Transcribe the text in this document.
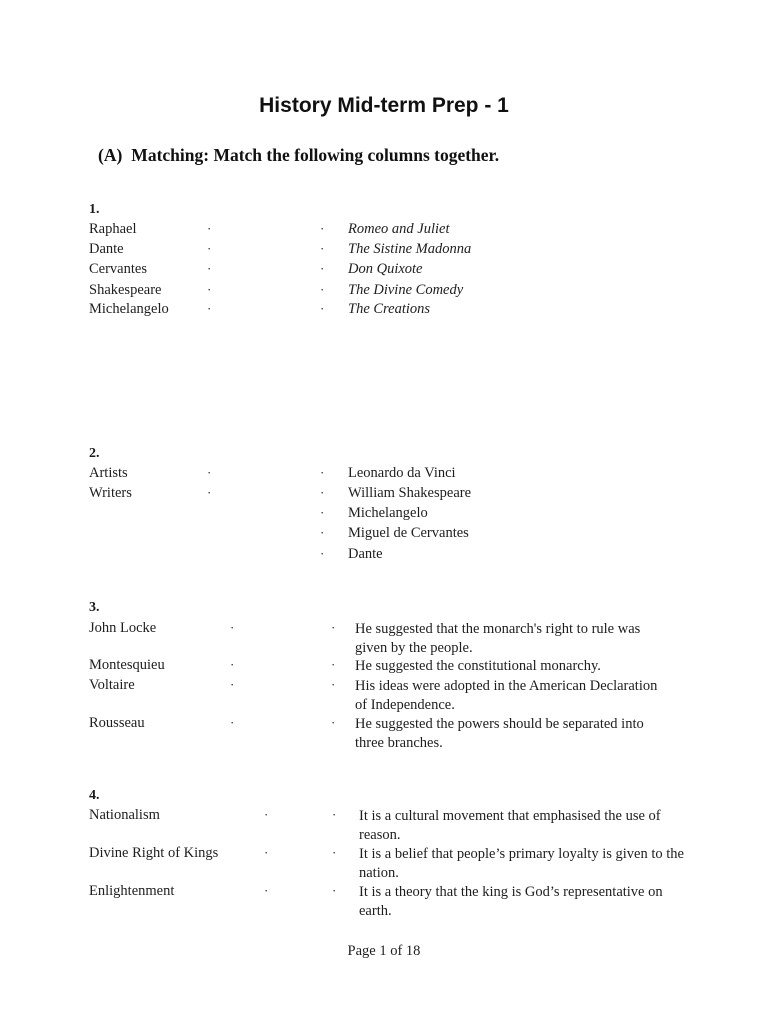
History Mid-term Prep - 1
(A) Matching: Match the following columns together.
1.
Raphael	·	· Romeo and Juliet
Dante	·	· The Sistine Madonna
Cervantes	·	· Don Quixote
Shakespeare	·	· The Divine Comedy
Michelangelo	·	· The Creations
2.
Artists	·	· Leonardo da Vinci
Writers	·	· William Shakespeare
· Michelangelo
· Miguel de Cervantes
· Dante
3.
John Locke	·	· He suggested that the monarch's right to rule was given by the people.
Montesquieu	·	· He suggested the constitutional monarchy.
Voltaire	·	· His ideas were adopted in the American Declaration of Independence.
Rousseau	·	· He suggested the powers should be separated into three branches.
4.
Nationalism	·	· It is a cultural movement that emphasised the use of reason.
Divine Right of Kings	·	· It is a belief that people’s primary loyalty is given to the nation.
Enlightenment	·	· It is a theory that the king is God’s representative on earth.
Page 1 of 18
